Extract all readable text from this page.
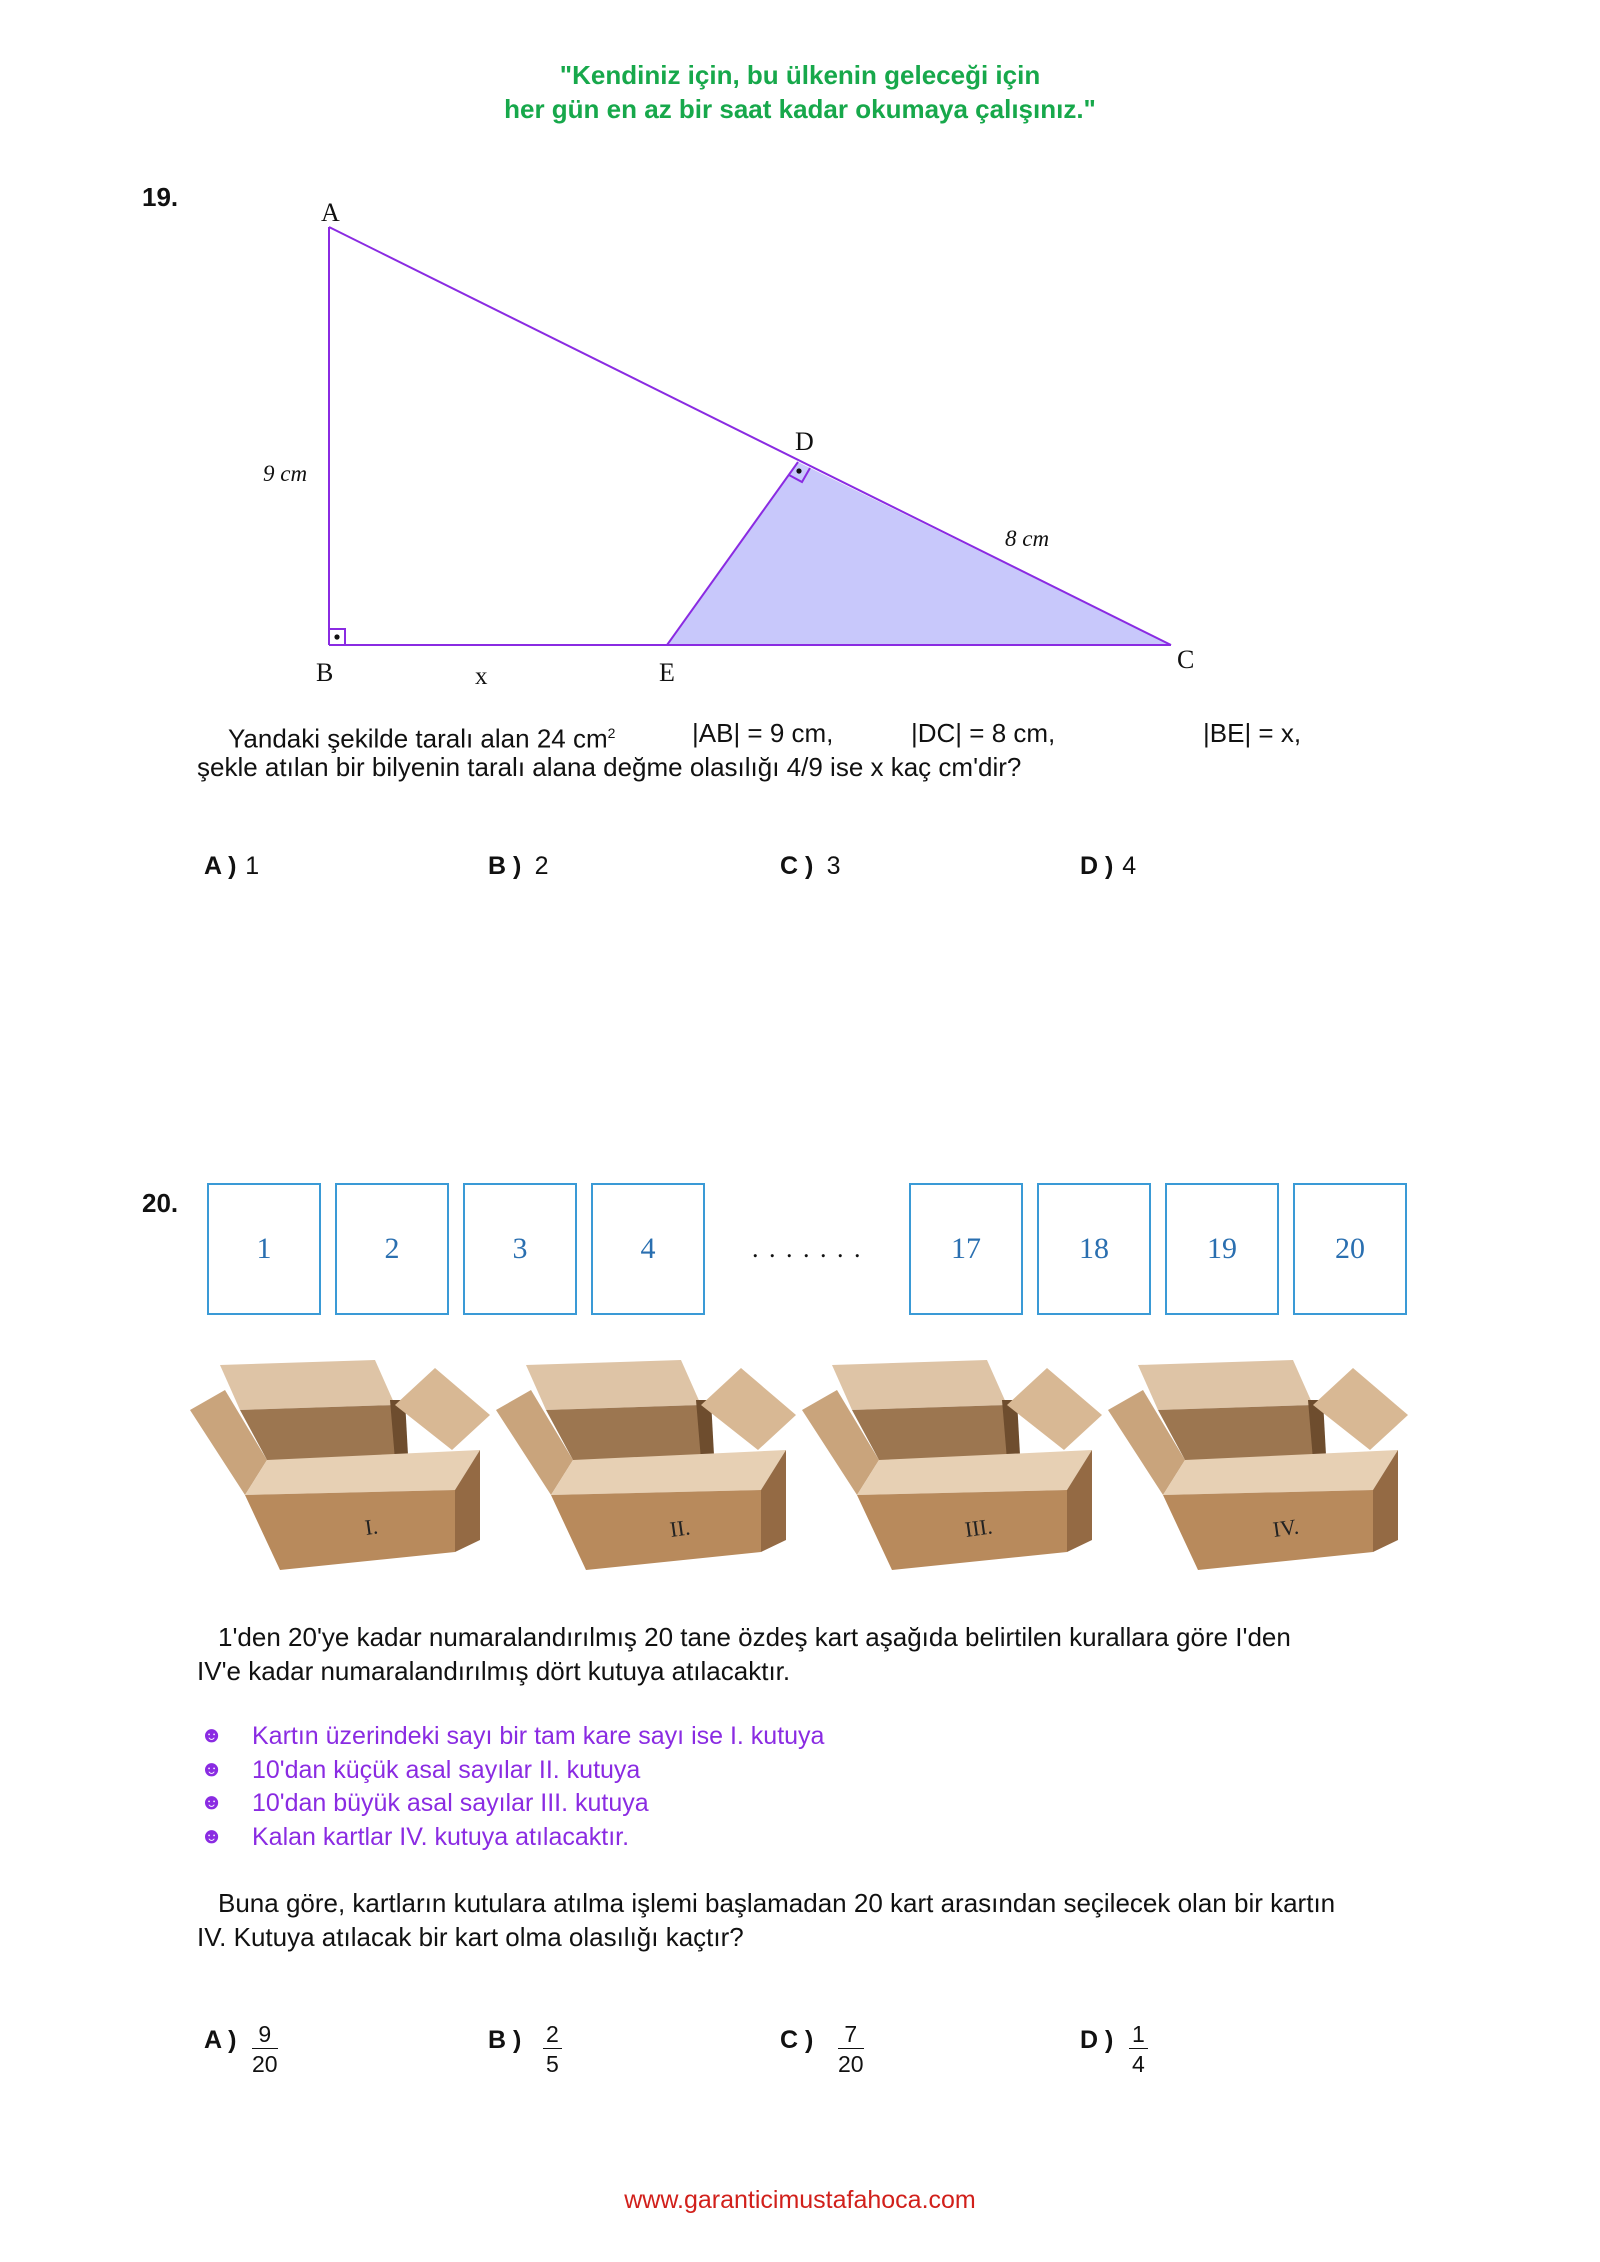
"Kendiniz için, bu ülkenin geleceği için
her gün en az bir saat kadar okumaya çalışınız."
19.
A
B	C
D
E
x
9 cm
8 cm
Yandaki şekilde taralı alan 24 $cm^2$	|AB| = 9 cm,	|DC| = 8 cm,	|BE| = x,
şekle atılan bir bilyenin taralı alana değme olasılığı 4/9 ise x kaç cm'dir?
A ) 1	B ) 2	C ) 3	D ) 4
20.
1	2	3	4	. . . . . . .	17	18	19	20
I.	II.	III.	IV.
1'den 20'ye kadar numaralandırılmış 20 tane özdeş kart aşağıda belirtilen kurallara göre I'den
IV'e kadar numaralandırılmış dört kutuya atılacaktır.
☻ Kartın üzerindeki sayı bir tam kare sayı ise I. kutuya
☻ 10'dan küçük asal sayılar II. kutuya
☻ 10'dan büyük asal sayılar III. kutuya
☻ Kalan kartlar IV. kutuya atılacaktır.
Buna göre, kartların kutulara atılma işlemi başlamadan 20 kart arasından seçilecek olan bir kartın
IV. Kutuya atılacak bir kart olma olasılığı kaçtır?
A ) $\frac{9}{20}$	B ) $\frac{2}{5}$	C ) $\frac{7}{20}$	D ) $\frac{1}{4}$
www.garanticimustafahoca.com
